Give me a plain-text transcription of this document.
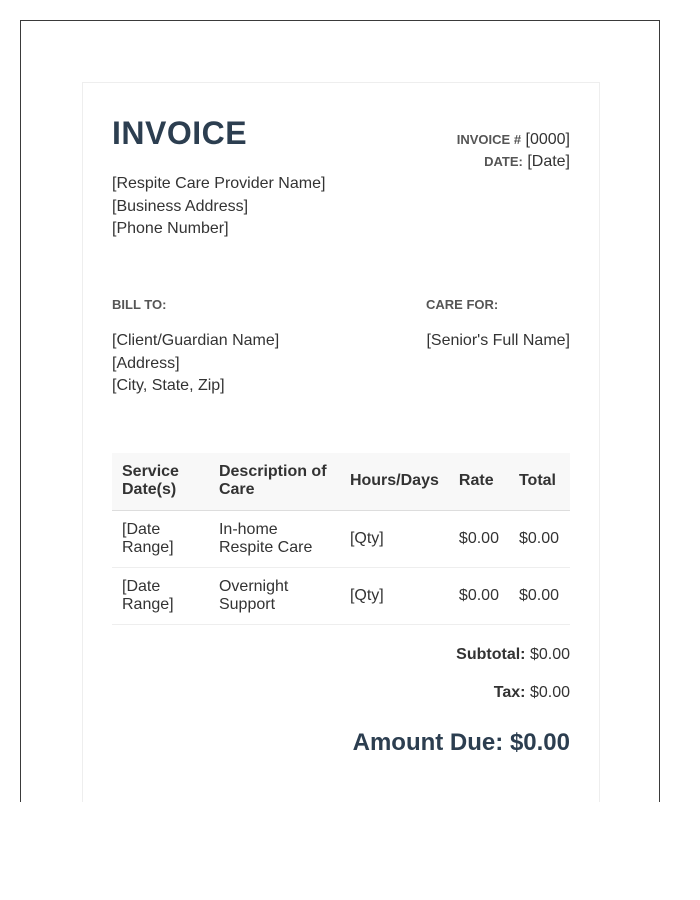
INVOICE	INVOICE # [0000]
DATE: [Date]
[Respite Care Provider Name]
[Business Address]
[Phone Number]
BILL TO:	CARE FOR:
[Client/Guardian Name]
[Address]
[City, State, Zip]
[Senior's Full Name]
Service Date(s)	Description of Care	Hours/Days	Rate	Total
[Date Range]	In-home Respite Care	[Qty]	$0.00	$0.00
[Date Range]	Overnight Support	[Qty]	$0.00	$0.00
Subtotal: $0.00
Tax: $0.00
Amount Due: $0.00
